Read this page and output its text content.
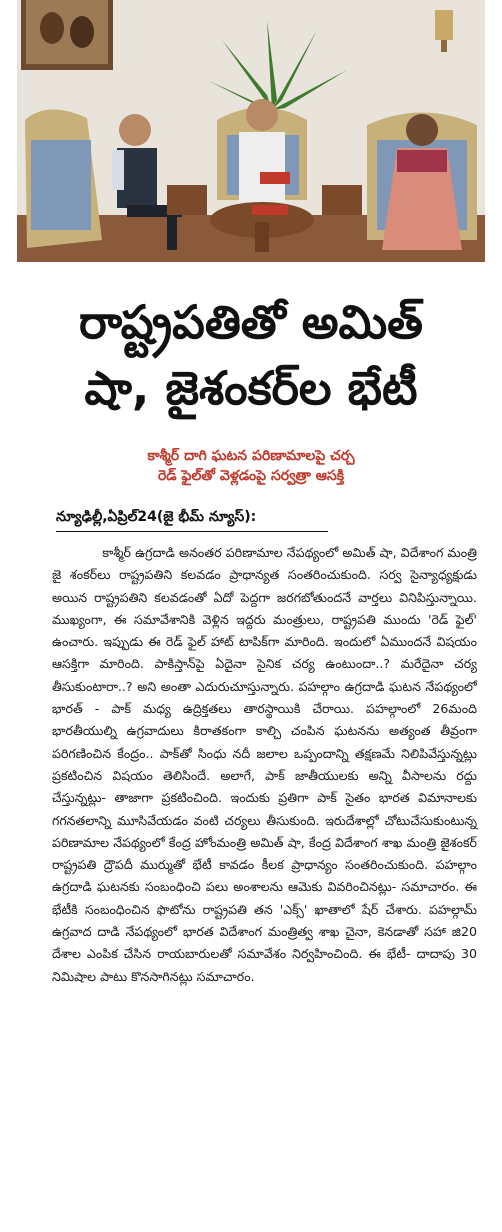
రాష్ట్రపతితో అమిత్
షా, జైశంకర్‌ల భేటీ
కాశ్మీర్ దాగి ఘటన పరిణామాలపై చర్చ
రెడ్ ఫైల్‌తో వెళ్లడంపై సర్వత్రా ఆసక్తి
న్యూఢిల్లీ,ఏప్రిల్24(జై భీమ్ న్యూస్):
కాశ్మీర్ ఉగ్రదాడి అనంతర పరిణామాల నేపథ్యంలో అమిత్ షా, విదేశాంగ మంత్రి జై శంకర్‌లు రాష్ట్రపతిని కలవడం ప్రాధాన్యత సంతరించుకుంది. సర్వ సైన్యాధ్యక్షుడు అయిన రాష్ట్రపతిని కలవడంతో ఏదో పెద్దగా జరగబోతుందనే వార్తలు వినిపిస్తున్నాయి. ముఖ్యంగా, ఈ సమావేశానికి వెళ్లిన ఇద్దరు మంత్రులు, రాష్ట్రపతి ముందు 'రెడ్ ఫైల్' ఉంచారు. ఇప్పుడు ఈ రెడ్ ఫైల్ హాట్ టాపిక్‌గా మారింది. ఇందులో ఏముందనే విషయం ఆసక్తిగా మారింది. పాకిస్తాన్‌పై ఏదైనా సైనిక చర్య ఉంటుందా..? మరేదైనా చర్య తీసుకుంటారా..? అని అంతా ఎదురుచూస్తున్నారు. పహల్గాం ఉగ్రదాడి ఘటన నేపథ్యంలో భారత్ - పాక్ మధ్య ఉద్రిక్తతలు తారస్థాయికి చేరాయి. పహల్గాంలో 26మంది భారతీయుల్ని ఉగ్రవాదులు కిరాతకంగా కాల్చి చంపిన ఘటనను అత్యంత తీవ్రంగా పరిగణించిన కేంద్రం.. పాక్‌తో సింధు నదీ జలాల ఒప్పందాన్ని తక్షణమే నిలిపివేస్తున్నట్లు ప్రకటించిన విషయం తెలిసిందే. అలాగే, పాక్ జాతీయులకు అన్ని వీసాలను రద్దు చేస్తున్నట్లు- తాజాగా ప్రకటించింది. ఇందుకు ప్రతిగా పాక్ సైతం భారత విమానాలకు గగనతలాన్ని మూసివేయడం వంటి చర్యలు తీసుకుంది. ఇరుదేశాల్లో చోటుచేసుకుంటున్న పరిణామాల నేపథ్యంలో కేంద్ర హోంమంత్రి అమిత్ షా, కేంద్ర విదేశాంగ శాఖ మంత్రి జైశంకర్ రాష్ట్రపతి ద్రౌపదీ ముర్ముతో భేటీ కావడం కీలక ప్రాధాన్యం సంతరించుకుంది. పహల్గాం ఉగ్రదాడి ఘటనకు సంబంధించి పలు అంశాలను ఆమెకు వివరించినట్లు- సమాచారం. ఈ భేటీకి సంబంధించిన ఫొటోను రాష్ట్రపతి తన 'ఎక్స్' ఖాతాలో షేర్ చేశారు. పహల్గామ్ ఉగ్రవాద దాడి నేపథ్యంలో భారత విదేశాంగ మంత్రిత్వ శాఖ చైనా, కెనడాతో సహా జి20 దేశాల ఎంపిక చేసిన రాయబారులతో సమావేశం నిర్వహించింది. ఈ భేటీ- దాదాపు 30 నిమిషాల పాటు కొనసాగినట్లు సమాచారం.
